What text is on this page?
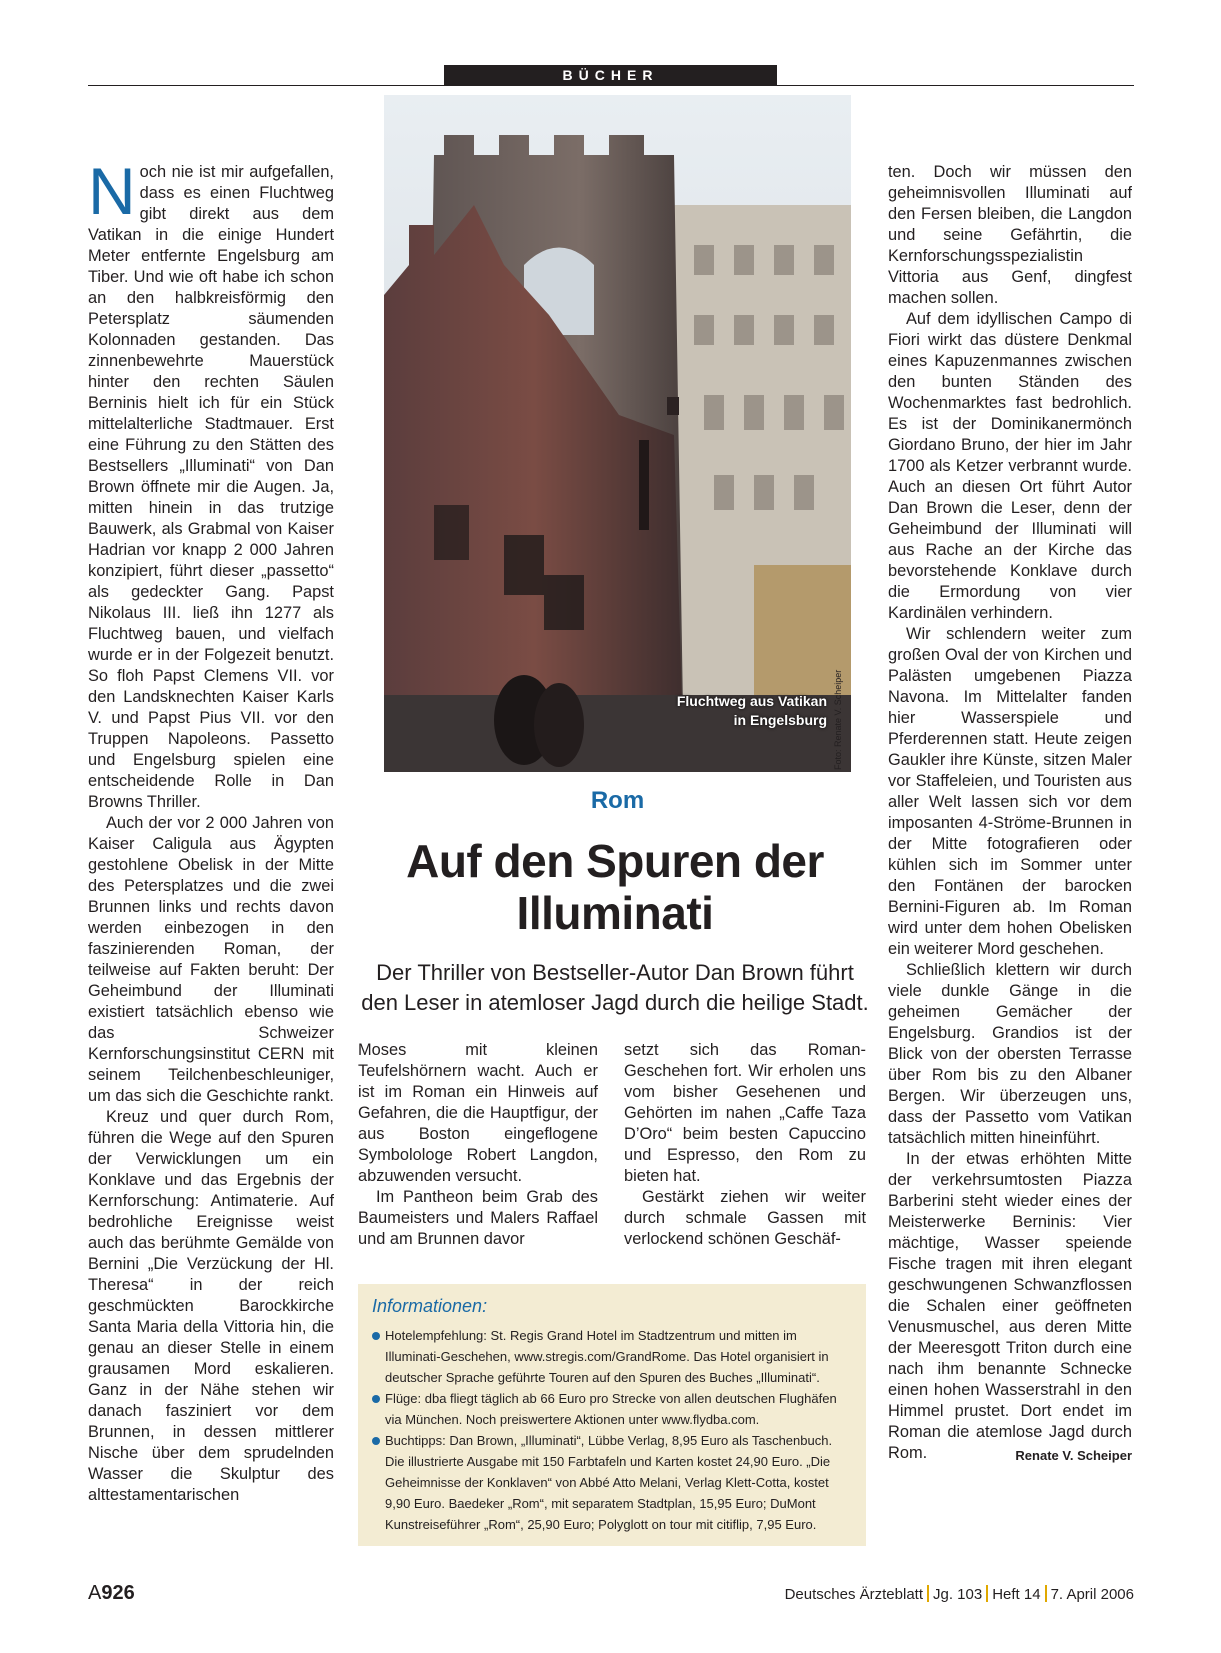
BÜCHER

Noch nie ist mir aufgefallen, dass es einen Fluchtweg gibt direkt aus dem Vatikan in die einige Hundert Meter entfernte Engelsburg am Tiber. Und wie oft habe ich schon an den halbkreisförmig den Petersplatz säumenden Kolonnaden gestanden. Das zinnenbewehrte Mauerstück hinter den rechten Säulen Berninis hielt ich für ein Stück mittelalterliche Stadtmauer. Erst eine Führung zu den Stätten des Bestsellers „Illuminati“ von Dan Brown öffnete mir die Augen. Ja, mitten hinein in das trutzige Bauwerk, als Grabmal von Kaiser Hadrian vor knapp 2 000 Jahren konzipiert, führt dieser „passetto“ als gedeckter Gang. Papst Nikolaus III. ließ ihn 1277 als Fluchtweg bauen, und vielfach wurde er in der Folgezeit benutzt. So floh Papst Clemens VII. vor den Landsknechten Kaiser Karls V. und Papst Pius VII. vor den Truppen Napoleons. Passetto und Engelsburg spielen eine entscheidende Rolle in Dan Browns Thriller.

Auch der vor 2 000 Jahren von Kaiser Caligula aus Ägypten gestohlene Obelisk in der Mitte des Petersplatzes und die zwei Brunnen links und rechts davon werden einbezogen in den faszinierenden Roman, der teilweise auf Fakten beruht: Der Geheimbund der Illuminati existiert tatsächlich ebenso wie das Schweizer Kernforschungsinstitut CERN mit seinem Teilchenbeschleuniger, um das sich die Geschichte rankt.

Kreuz und quer durch Rom, führen die Wege auf den Spuren der Verwicklungen um ein Konklave und das Ergebnis der Kernforschung: Antimaterie. Auf bedrohliche Ereignisse weist auch das berühmte Gemälde von Bernini „Die Verzückung der Hl. Theresa“ in der reich geschmückten Barockkirche Santa Maria della Vittoria hin, die genau an dieser Stelle in einem grausamen Mord eskalieren. Ganz in der Nähe stehen wir danach fasziniert vor dem Brunnen, in dessen mittlerer Nische über dem sprudelnden Wasser die Skulptur des alttestamentarischen

Fluchtweg aus Vatikan
in Engelsburg Foto: Renate V. Scheiper
Rom
Auf den Spuren der
Illuminati
Der Thriller von Bestseller-Autor Dan Brown führt
den Leser in atemloser Jagd durch die heilige Stadt.

Moses mit kleinen Teufelshörnern wacht. Auch er ist im Roman ein Hinweis auf Gefahren, die die Hauptfigur, der aus Boston eingeflogene Symbolologe Robert Langdon, abzuwenden versucht.

Im Pantheon beim Grab des Baumeisters und Malers Raffael und am Brunnen davor

setzt sich das Roman-Geschehen fort. Wir erholen uns vom bisher Gesehenen und Gehörten im nahen „Caffe Taza D’Oro“ beim besten Capuccino und Espresso, den Rom zu bieten hat.

Gestärkt ziehen wir weiter durch schmale Gassen mit verlockend schönen Geschäf-

ten. Doch wir müssen den geheimnisvollen Illuminati auf den Fersen bleiben, die Langdon und seine Gefährtin, die Kernforschungsspezialistin Vittoria aus Genf, dingfest machen sollen.

Auf dem idyllischen Campo di Fiori wirkt das düstere Denkmal eines Kapuzenmannes zwischen den bunten Ständen des Wochenmarktes fast bedrohlich. Es ist der Dominikanermönch Giordano Bruno, der hier im Jahr 1700 als Ketzer verbrannt wurde. Auch an diesen Ort führt Autor Dan Brown die Leser, denn der Geheimbund der Illuminati will aus Rache an der Kirche das bevorstehende Konklave durch die Ermordung von vier Kardinälen verhindern.

Wir schlendern weiter zum großen Oval der von Kirchen und Palästen umgebenen Piazza Navona. Im Mittelalter fanden hier Wasserspiele und Pferderennen statt. Heute zeigen Gaukler ihre Künste, sitzen Maler vor Staffeleien, und Touristen aus aller Welt lassen sich vor dem imposanten 4-Ströme-Brunnen in der Mitte fotografieren oder kühlen sich im Sommer unter den Fontänen der barocken Bernini-Figuren ab. Im Roman wird unter dem hohen Obelisken ein weiterer Mord geschehen.

Schließlich klettern wir durch viele dunkle Gänge in die geheimen Gemächer der Engelsburg. Grandios ist der Blick von der obersten Terrasse über Rom bis zu den Albaner Bergen. Wir überzeugen uns, dass der Passetto vom Vatikan tatsächlich mitten hineinführt.

In der etwas erhöhten Mitte der verkehrsumtosten Piazza Barberini steht wieder eines der Meisterwerke Berninis: Vier mächtige, Wasser speiende Fische tragen mit ihren elegant geschwungenen Schwanzflossen die Schalen einer geöffneten Venusmuschel, aus deren Mitte der Meeresgott Triton durch eine nach ihm benannte Schnecke einen hohen Wasserstrahl in den Himmel prustet. Dort endet im Roman die atemlose Jagd durch Rom.	Renate V. Scheiper

Informationen:
Hotelempfehlung: St. Regis Grand Hotel im Stadtzentrum und mitten im Illuminati-Geschehen, www.stregis.com/GrandRome. Das Hotel organisiert in deutscher Sprache geführte Touren auf den Spuren des Buches „Illuminati“.
Flüge: dba fliegt täglich ab 66 Euro pro Strecke von allen deutschen Flughäfen via München. Noch preiswertere Aktionen unter www.flydba.com.
Buchtipps: Dan Brown, „Illuminati“, Lübbe Verlag, 8,95 Euro als Taschenbuch. Die illustrierte Ausgabe mit 150 Farbtafeln und Karten kostet 24,90 Euro. „Die Geheimnisse der Konklaven“ von Abbé Atto Melani, Verlag Klett-Cotta, kostet 9,90 Euro. Baedeker „Rom“, mit separatem Stadtplan, 15,95 Euro; DuMont Kunstreiseführer „Rom“, 25,90 Euro; Polyglott on tour mit citiflip, 7,95 Euro.
A926	Deutsches Ärzteblatt Jg. 103 Heft 14 7. April 2006
